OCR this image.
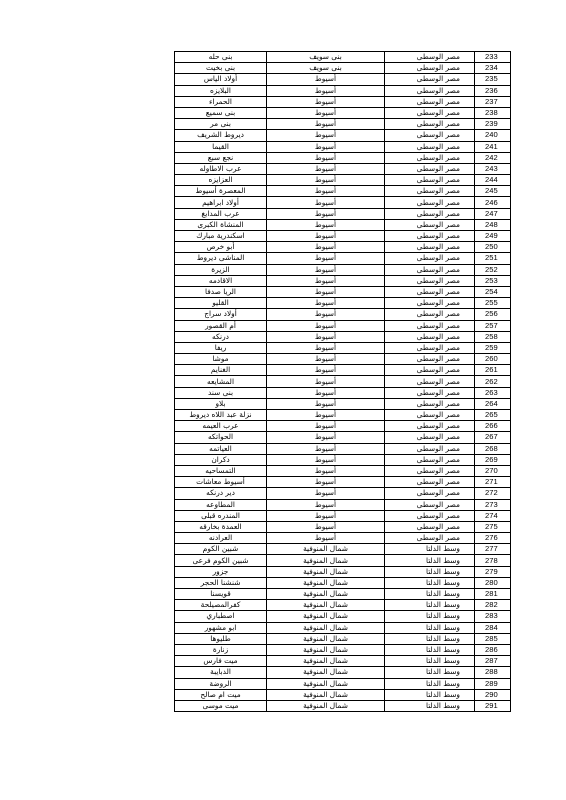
بنى حله	بنى سويف	مصر الوسطى	233
بنى بخيت	بنى سويف	مصر الوسطى	234
أولاد الياس	أسيوط	مصر الوسطى	235
البلايزه	أسيوط	مصر الوسطى	236
الحمراء	أسيوط	مصر الوسطى	237
بنى سميع	أسيوط	مصر الوسطى	238
بنى مر	أسيوط	مصر الوسطى	239
ديروط الشريف	أسيوط	مصر الوسطى	240
القيما	أسيوط	مصر الوسطى	241
نجع سبع	أسيوط	مصر الوسطى	242
عرب الاطاوله	أسيوط	مصر الوسطى	243
العزايزه	أسيوط	مصر الوسطى	244
المعصرة أسيوط	أسيوط	مصر الوسطى	245
أولاد ابراهيم	أسيوط	مصر الوسطى	246
عرب المدابغ	أسيوط	مصر الوسطى	247
المنشاة الكبرى	أسيوط	مصر الوسطى	248
اسكندرية مبارك	أسيوط	مصر الوسطى	249
أبو خرص	أسيوط	مصر الوسطى	250
المناشى ديروط	أسيوط	مصر الوسطى	251
الزيرة	أسيوط	مصر الوسطى	252
الاقادمه	أسيوط	مصر الوسطى	253
الريا صدفا	أسيوط	مصر الوسطى	254
القليو	أسيوط	مصر الوسطى	255
أولاد سراج	أسيوط	مصر الوسطى	256
أم القصور	أسيوط	مصر الوسطى	257
درنكه	أسيوط	مصر الوسطى	258
ريفا	أسيوط	مصر الوسطى	259
موشا	أسيوط	مصر الوسطى	260
الغنايم	أسيوط	مصر الوسطى	261
المشايعه	أسيوط	مصر الوسطى	262
بنى سند	أسيوط	مصر الوسطى	263
بلاو	أسيوط	مصر الوسطى	264
نزلة عبد اللاه ديروط	أسيوط	مصر الوسطى	265
عرب العيمه	أسيوط	مصر الوسطى	266
الحواتكه	أسيوط	مصر الوسطى	267
العياتمه	أسيوط	مصر الوسطى	268
دكران	أسيوط	مصر الوسطى	269
التمساحيه	أسيوط	مصر الوسطى	270
أسيوط معاشات	أسيوط	مصر الوسطى	271
دير درنكه	أسيوط	مصر الوسطى	272
المطاوعه	أسيوط	مصر الوسطى	273
المندره قبلى	أسيوط	مصر الوسطى	274
العمدة بخارقه	أسيوط	مصر الوسطى	275
العرادنه	أسيوط	مصر الوسطى	276
شبين الكوم	شمال المنوفية	وسط الدلتا	277
شبين الكوم فرعى	شمال المنوفية	وسط الدلتا	278
جزور	شمال المنوفية	وسط الدلتا	279
شنشنا الحجر	شمال المنوفية	وسط الدلتا	280
قويسنا	شمال المنوفية	وسط الدلتا	281
كفرالمصيلحة	شمال المنوفية	وسط الدلتا	282
اصطباري	شمال المنوفية	وسط الدلتا	283
ابو مشهور	شمال المنوفية	وسط الدلتا	284
طليوها	شمال المنوفية	وسط الدلتا	285
زنارة	شمال المنوفية	وسط الدلتا	286
ميت فارس	شمال المنوفية	وسط الدلتا	287
الدبايبة	شمال المنوفية	وسط الدلتا	288
الروضة	شمال المنوفية	وسط الدلتا	289
ميت ام صالح	شمال المنوفية	وسط الدلتا	290
ميت موسى	شمال المنوفية	وسط الدلتا	291
